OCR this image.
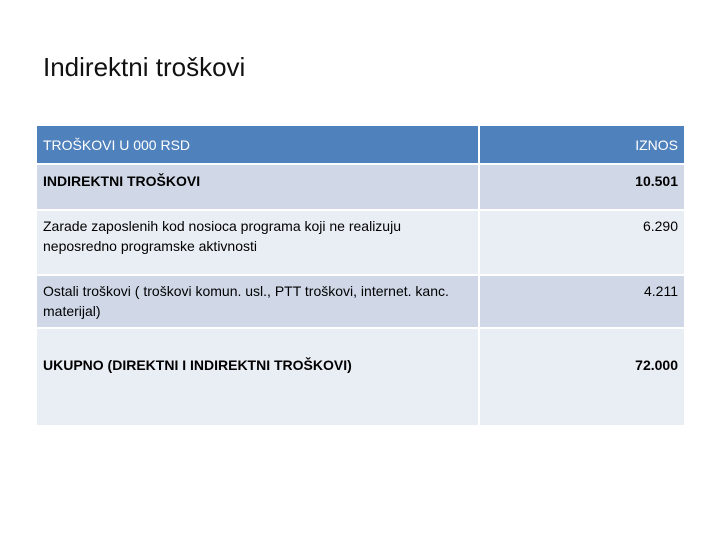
Indirektni troškovi
TROŠKOVI U 000 RSD	IZNOS
INDIREKTNI TROŠKOVI	10.501
Zarade zaposlenih kod nosioca programa koji ne realizuju neposredno programske aktivnosti	6.290
Ostali troškovi ( troškovi komun. usl., PTT troškovi, internet. kanc. materijal)	4.211
UKUPNO (DIREKTNI I INDIREKTNI TROŠKOVI)	72.000
